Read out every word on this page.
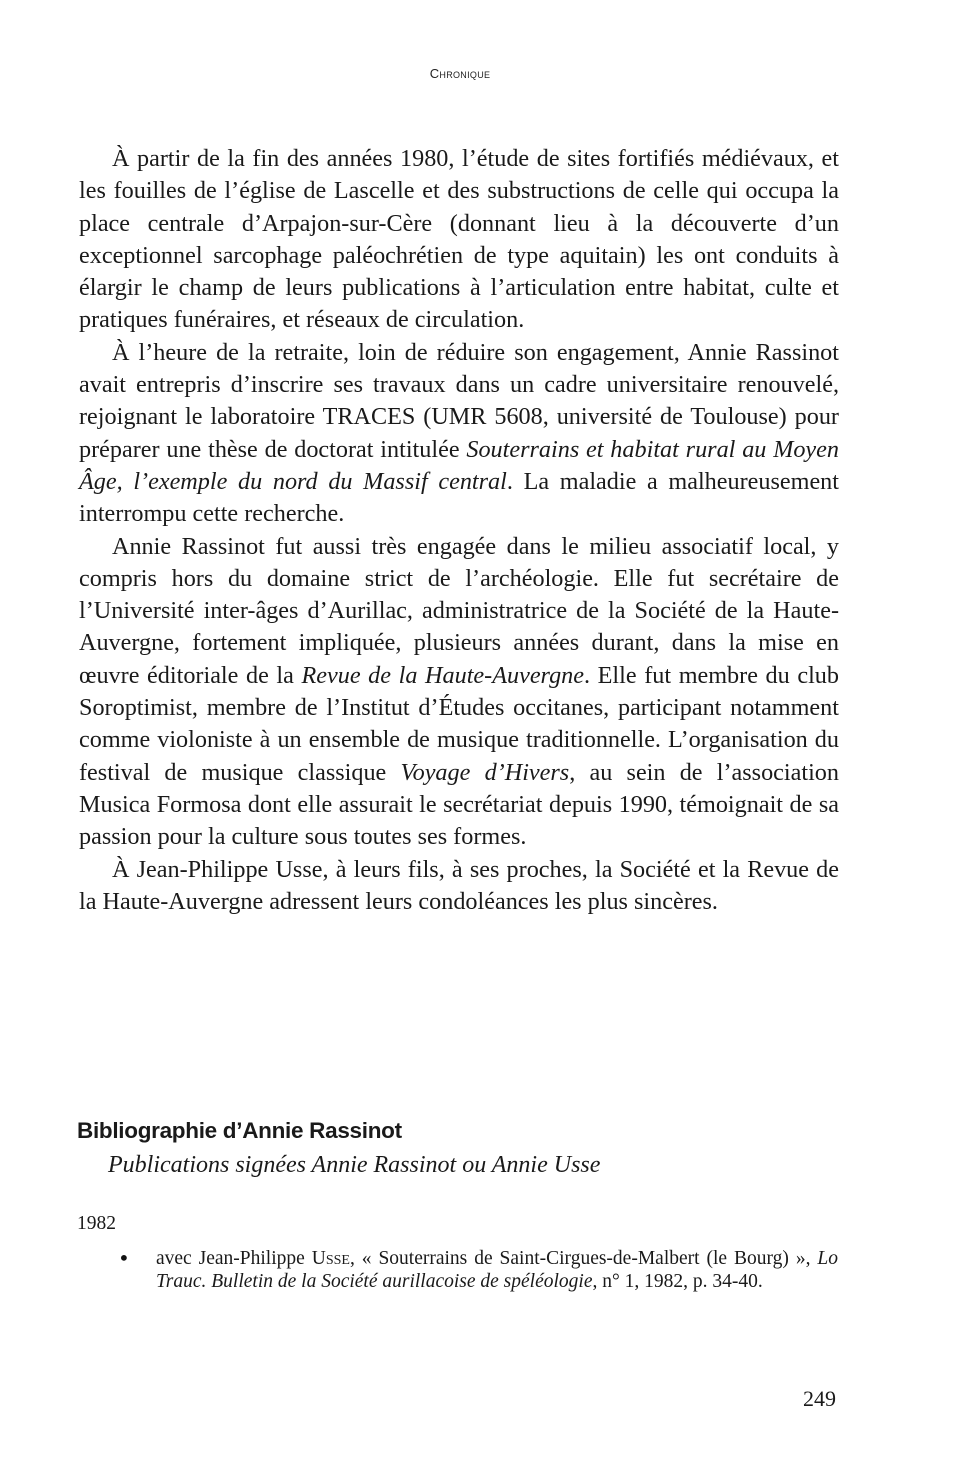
Chronique

À partir de la fin des années 1980, l’étude de sites fortifiés médiévaux, et les fouilles de l’église de Lascelle et des substructions de celle qui occupa la place centrale d’Arpajon-sur-Cère (donnant lieu à la découverte d’un exceptionnel sarcophage paléochrétien de type aquitain) les ont conduits à élargir le champ de leurs publications à l’articulation entre habitat, culte et pratiques funéraires, et réseaux de circulation.

À l’heure de la retraite, loin de réduire son engagement, Annie Rassinot avait entrepris d’inscrire ses travaux dans un cadre universitaire renouvelé, rejoignant le laboratoire TRACES (UMR 5608, université de Toulouse) pour préparer une thèse de doctorat intitulée Souterrains et habitat rural au Moyen Âge, l’exemple du nord du Massif central. La maladie a malheureusement interrompu cette recherche.

Annie Rassinot fut aussi très engagée dans le milieu associatif local, y compris hors du domaine strict de l’archéologie. Elle fut secrétaire de l’Université inter-âges d’Aurillac, administratrice de la Société de la Haute-Auvergne, fortement impliquée, plusieurs années durant, dans la mise en œuvre éditoriale de la Revue de la Haute-Auvergne. Elle fut membre du club Soroptimist, membre de l’Institut d’Études occitanes, participant notamment comme violoniste à un ensemble de musique traditionnelle. L’organisation du festival de musique classique Voyage d’Hivers, au sein de l’association Musica Formosa dont elle assurait le secrétariat depuis 1990, témoignait de sa passion pour la culture sous toutes ses formes.

À Jean-Philippe Usse, à leurs fils, à ses proches, la Société et la Revue de la Haute-Auvergne adressent leurs condoléances les plus sincères.

Bibliographie d’Annie Rassinot
Publications signées Annie Rassinot ou Annie Usse
1982
•	avec Jean-Philippe Usse, « Souterrains de Saint-Cirgues-de-Malbert (le Bourg) », Lo Trauc. Bulletin de la Société aurillacoise de spéléologie, n° 1, 1982, p. 34-40.
249
